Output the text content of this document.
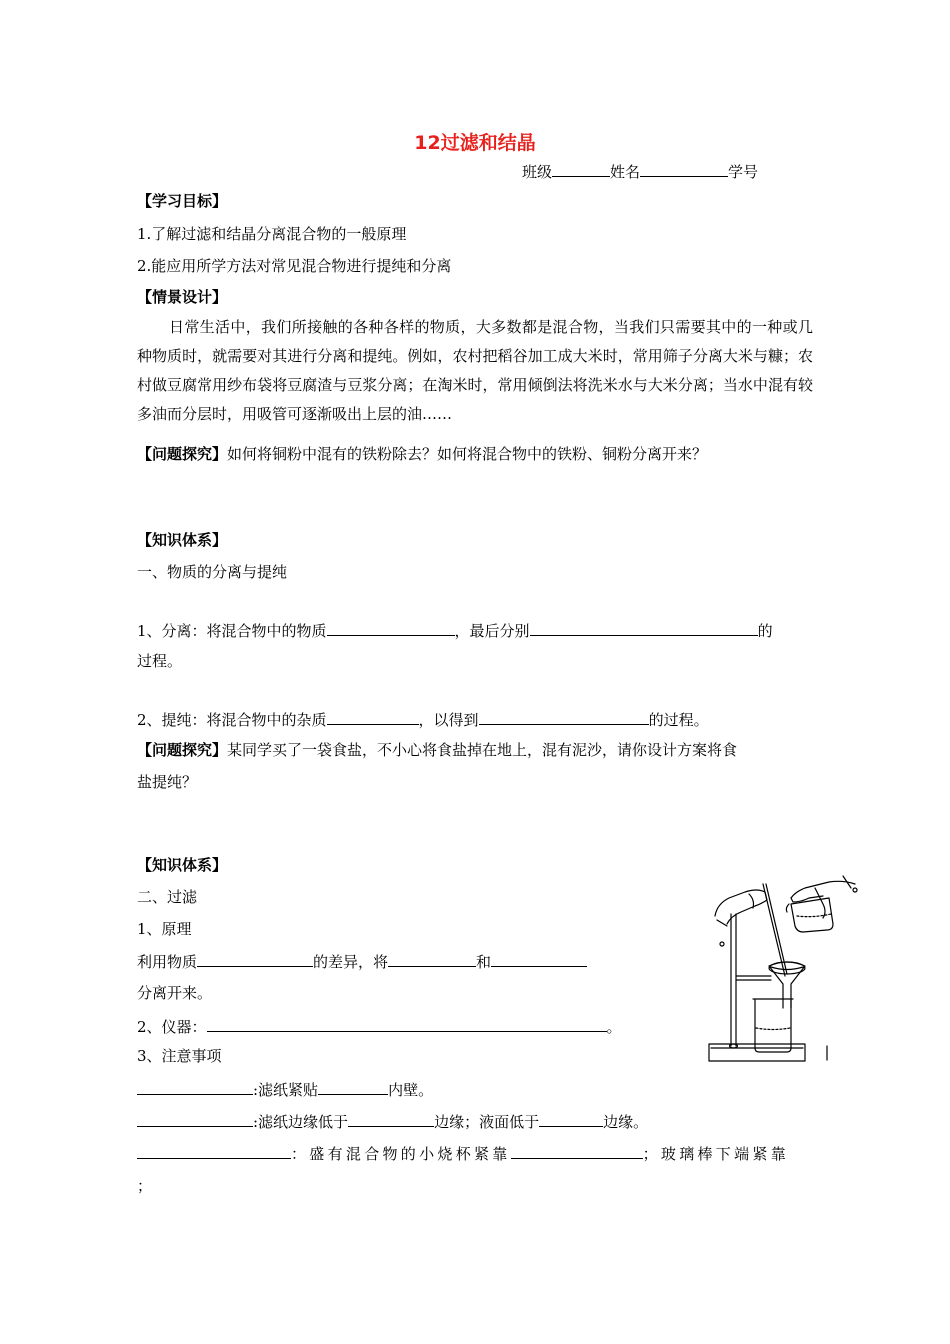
12过滤和结晶
班级	姓名	学号
【学习目标】
1.了解过滤和结晶分离混合物的一般原理
2.能应用所学方法对常见混合物进行提纯和分离
【情景设计】
日常生活中，我们所接触的各种各样的物质，大多数都是混合物，当我们只需要其中的一种或几种物质时，就需要对其进行分离和提纯。例如，农村把稻谷加工成大米时，常用筛子分离大米与糠；农村做豆腐常用纱布袋将豆腐渣与豆浆分离；在淘米时，常用倾倒法将洗米水与大米分离；当水中混有较多油而分层时，用吸管可逐渐吸出上层的油……
【问题探究】如何将铜粉中混有的铁粉除去？如何将混合物中的铁粉、铜粉分离开来？
【知识体系】
一、物质的分离与提纯
1、分离：将混合物中的物质	，最后分别	的
过程。
2、提纯：将混合物中的杂质	，以得到	的过程。
【问题探究】某同学买了一袋食盐，不小心将食盐掉在地上，混有泥沙，请你设计方案将食
盐提纯？
【知识体系】
二、过滤
1、原理
利用物质	的差异，将	和
分离开来。
2、仪器：	。
3、注意事项
:滤纸紧贴	内壁。
:滤纸边缘低于	边缘；液面低于	边缘。
：盛有混合物的小烧杯紧靠	；玻璃棒下端紧靠
；
